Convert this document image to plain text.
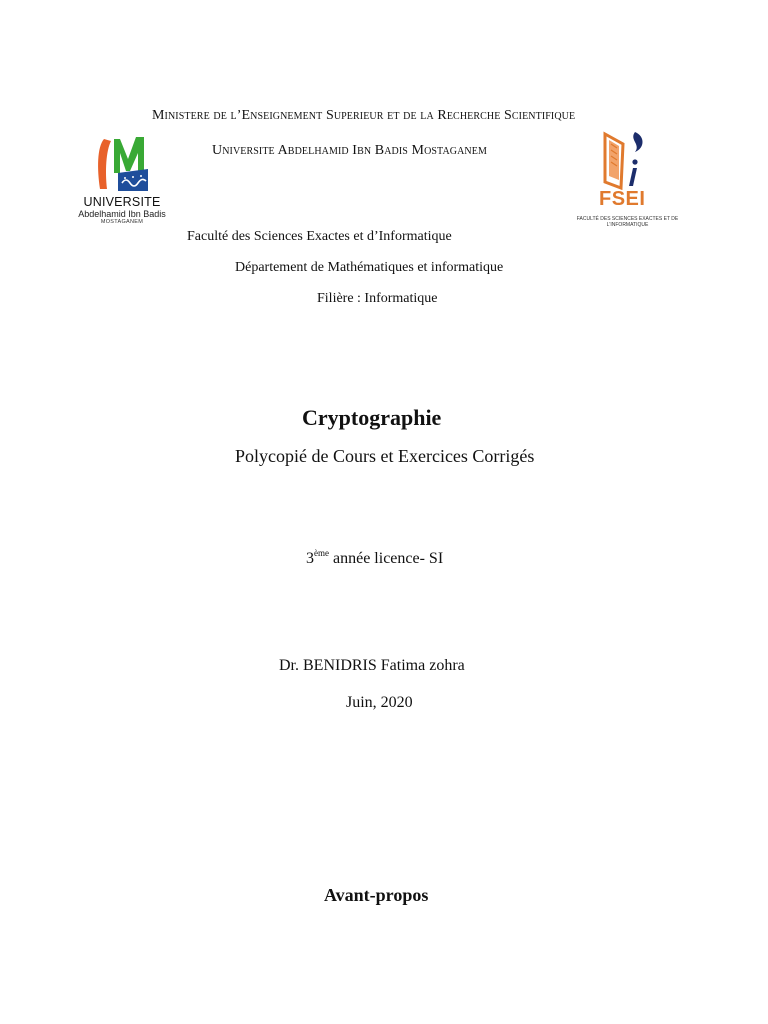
Ministere de l’Enseignement Superieur et de la Recherche Scientifique
Universite Abdelhamid Ibn Badis Mostaganem
UNIVERSITE
Abdelhamid Ibn Badis
MOSTAGANEM
FSEI
FACULTÉ DES SCIENCES EXACTES ET DE L'INFORMATIQUE
Faculté des Sciences Exactes et d’Informatique
Département de Mathématiques et informatique
Filière : Informatique
Cryptographie
Polycopié de Cours et Exercices Corrigés
3ème année licence- SI
Dr. BENIDRIS Fatima zohra
Juin, 2020
Avant-propos
